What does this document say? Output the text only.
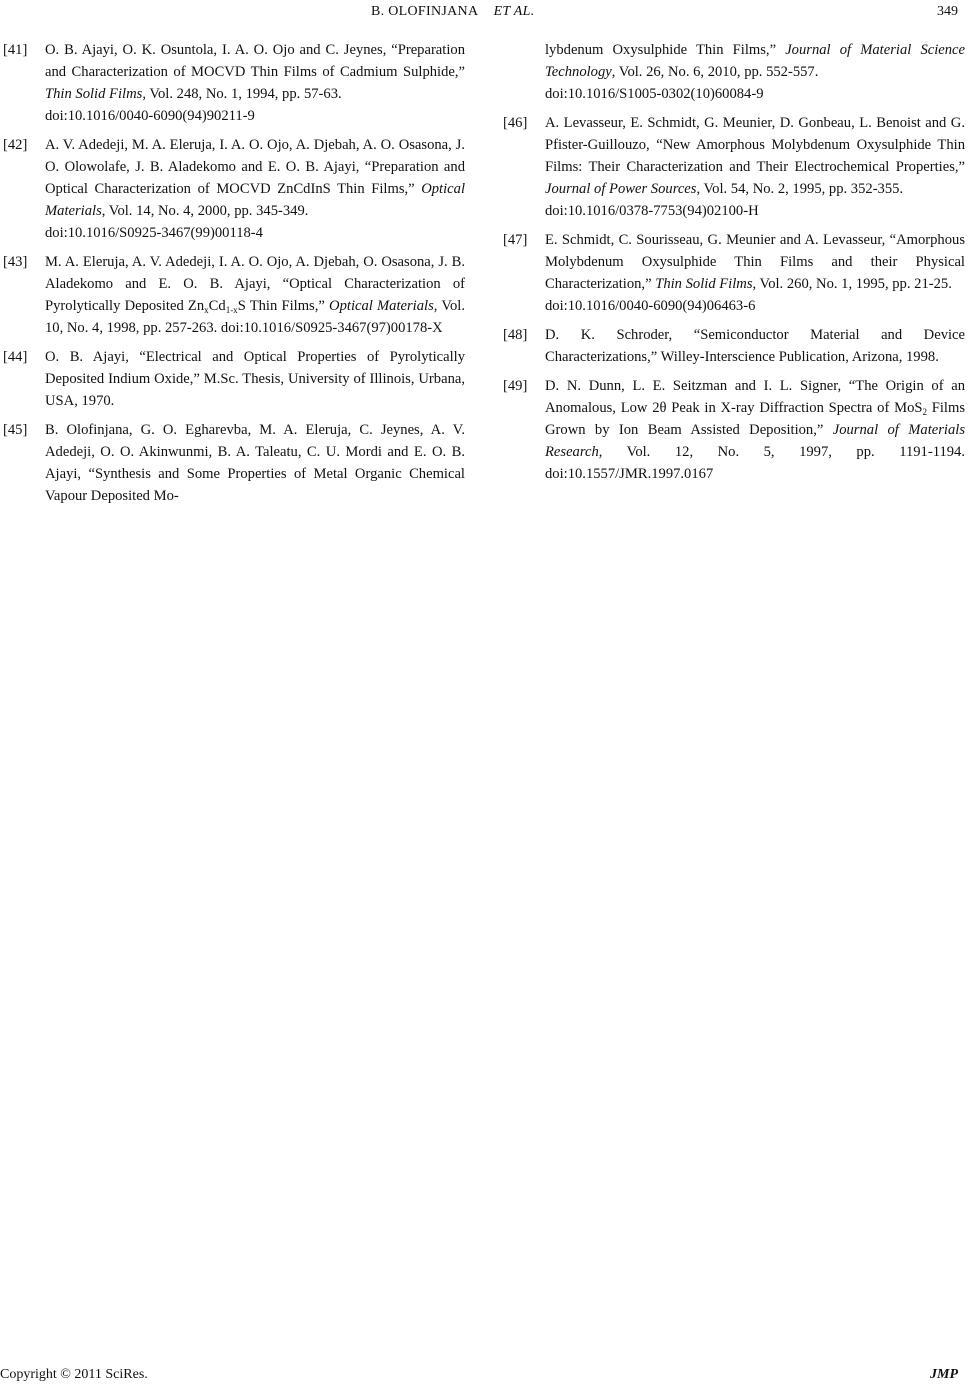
B. OLOFINJANA ET AL.	349
[41] O. B. Ajayi, O. K. Osuntola, I. A. O. Ojo and C. Jeynes, “Preparation and Characterization of MOCVD Thin Films of Cadmium Sulphide,” Thin Solid Films, Vol. 248, No. 1, 1994, pp. 57-63.
doi:10.1016/0040-6090(94)90211-9
[42] A. V. Adedeji, M. A. Eleruja, I. A. O. Ojo, A. Djebah, A. O. Osasona, J. O. Olowolafe, J. B. Aladekomo and E. O. B. Ajayi, “Preparation and Optical Characterization of MOCVD ZnCdInS Thin Films,” Optical Materials, Vol. 14, No. 4, 2000, pp. 345-349.
doi:10.1016/S0925-3467(99)00118-4
[43] M. A. Eleruja, A. V. Adedeji, I. A. O. Ojo, A. Djebah, O. Osasona, J. B. Aladekomo and E. O. B. Ajayi, “Optical Characterization of Pyrolytically Deposited $Zn_xCd_{1-x}S$ Thin Films,” Optical Materials, Vol. 10, No. 4, 1998, pp. 257-263. doi:10.1016/S0925-3467(97)00178-X
[44] O. B. Ajayi, “Electrical and Optical Properties of Pyrolytically Deposited Indium Oxide,” M.Sc. Thesis, University of Illinois, Urbana, USA, 1970.
[45] B. Olofinjana, G. O. Egharevba, M. A. Eleruja, C. Jeynes, A. V. Adedeji, O. O. Akinwunmi, B. A. Taleatu, C. U. Mordi and E. O. B. Ajayi, “Synthesis and Some Properties of Metal Organic Chemical Vapour Deposited Mo-
lybdenum Oxysulphide Thin Films,” Journal of Material Science Technology, Vol. 26, No. 6, 2010, pp. 552-557.
doi:10.1016/S1005-0302(10)60084-9
[46] A. Levasseur, E. Schmidt, G. Meunier, D. Gonbeau, L. Benoist and G. Pfister-Guillouzo, “New Amorphous Molybdenum Oxysulphide Thin Films: Their Characterization and Their Electrochemical Properties,” Journal of Power Sources, Vol. 54, No. 2, 1995, pp. 352-355.
doi:10.1016/0378-7753(94)02100-H
[47] E. Schmidt, C. Sourisseau, G. Meunier and A. Levasseur, “Amorphous Molybdenum Oxysulphide Thin Films and their Physical Characterization,” Thin Solid Films, Vol. 260, No. 1, 1995, pp. 21-25.
doi:10.1016/0040-6090(94)06463-6
[48] D. K. Schroder, “Semiconductor Material and Device Characterizations,” Willey-Interscience Publication, Arizona, 1998.
[49] D. N. Dunn, L. E. Seitzman and I. L. Signer, “The Origin of an Anomalous, Low 2θ Peak in X-ray Diffraction Spectra of MoS$_2$ Films Grown by Ion Beam Assisted Deposition,” Journal of Materials Research, Vol. 12, No. 5, 1997, pp. 1191-1194. doi:10.1557/JMR.1997.0167
Copyright © 2011 SciRes.	JMP
